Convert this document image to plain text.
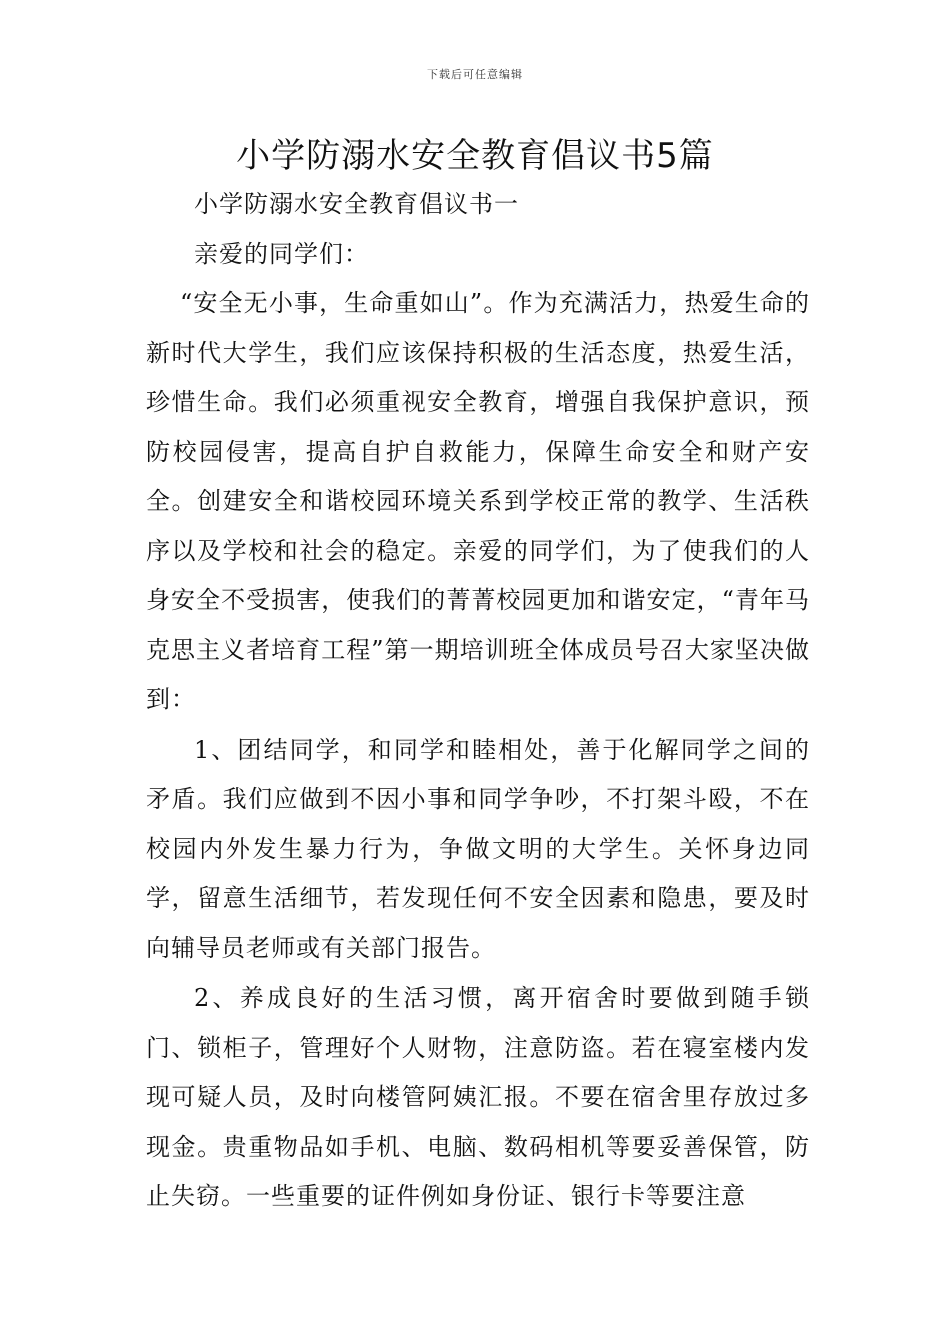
下载后可任意编辑
小学防溺水安全教育倡议书5篇

小学防溺水安全教育倡议书一

亲爱的同学们：

“安全无小事，生命重如山”。作为充满活力，热爱生命的新时代大学生，我们应该保持积极的生活态度，热爱生活，珍惜生命。我们必须重视安全教育，增强自我保护意识，预防校园侵害，提高自护自救能力，保障生命安全和财产安全。创建安全和谐校园环境关系到学校正常的教学、生活秩序以及学校和社会的稳定。亲爱的同学们，为了使我们的人身安全不受损害，使我们的菁菁校园更加和谐安定，“青年马克思主义者培育工程”第一期培训班全体成员号召大家坚决做到：

1、团结同学，和同学和睦相处，善于化解同学之间的矛盾。我们应做到不因小事和同学争吵，不打架斗殴，不在校园内外发生暴力行为，争做文明的大学生。关怀身边同学，留意生活细节，若发现任何不安全因素和隐患，要及时向辅导员老师或有关部门报告。

2、养成良好的生活习惯，离开宿舍时要做到随手锁门、锁柜子，管理好个人财物，注意防盗。若在寝室楼内发现可疑人员，及时向楼管阿姨汇报。不要在宿舍里存放过多现金。贵重物品如手机、电脑、数码相机等要妥善保管，防止失窃。一些重要的证件例如身份证、银行卡等要注意
